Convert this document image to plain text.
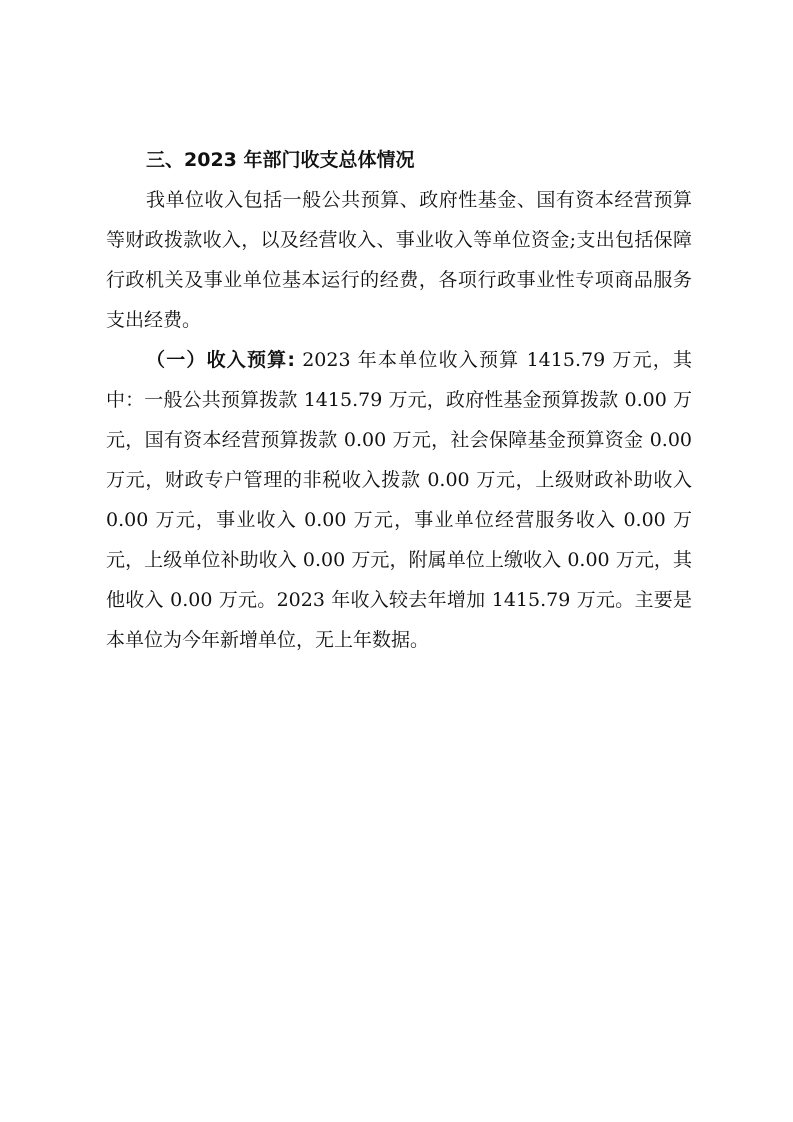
三、2023 年部门收支总体情况

我单位收入包括一般公共预算、政府性基金、国有资本经营预算等财政拨款收入，以及经营收入、事业收入等单位资金;支出包括保障行政机关及事业单位基本运行的经费，各项行政事业性专项商品服务支出经费。

（一）收入预算: 2023 年本单位收入预算 1415.79 万元，其中：一般公共预算拨款 1415.79 万元，政府性基金预算拨款 0.00 万元，国有资本经营预算拨款 0.00 万元，社会保障基金预算资金 0.00 万元，财政专户管理的非税收入拨款 0.00 万元，上级财政补助收入 0.00 万元，事业收入 0.00 万元，事业单位经营服务收入 0.00 万元，上级单位补助收入 0.00 万元，附属单位上缴收入 0.00 万元，其他收入 0.00 万元。2023 年收入较去年增加 1415.79 万元。主要是本单位为今年新增单位，无上年数据。
